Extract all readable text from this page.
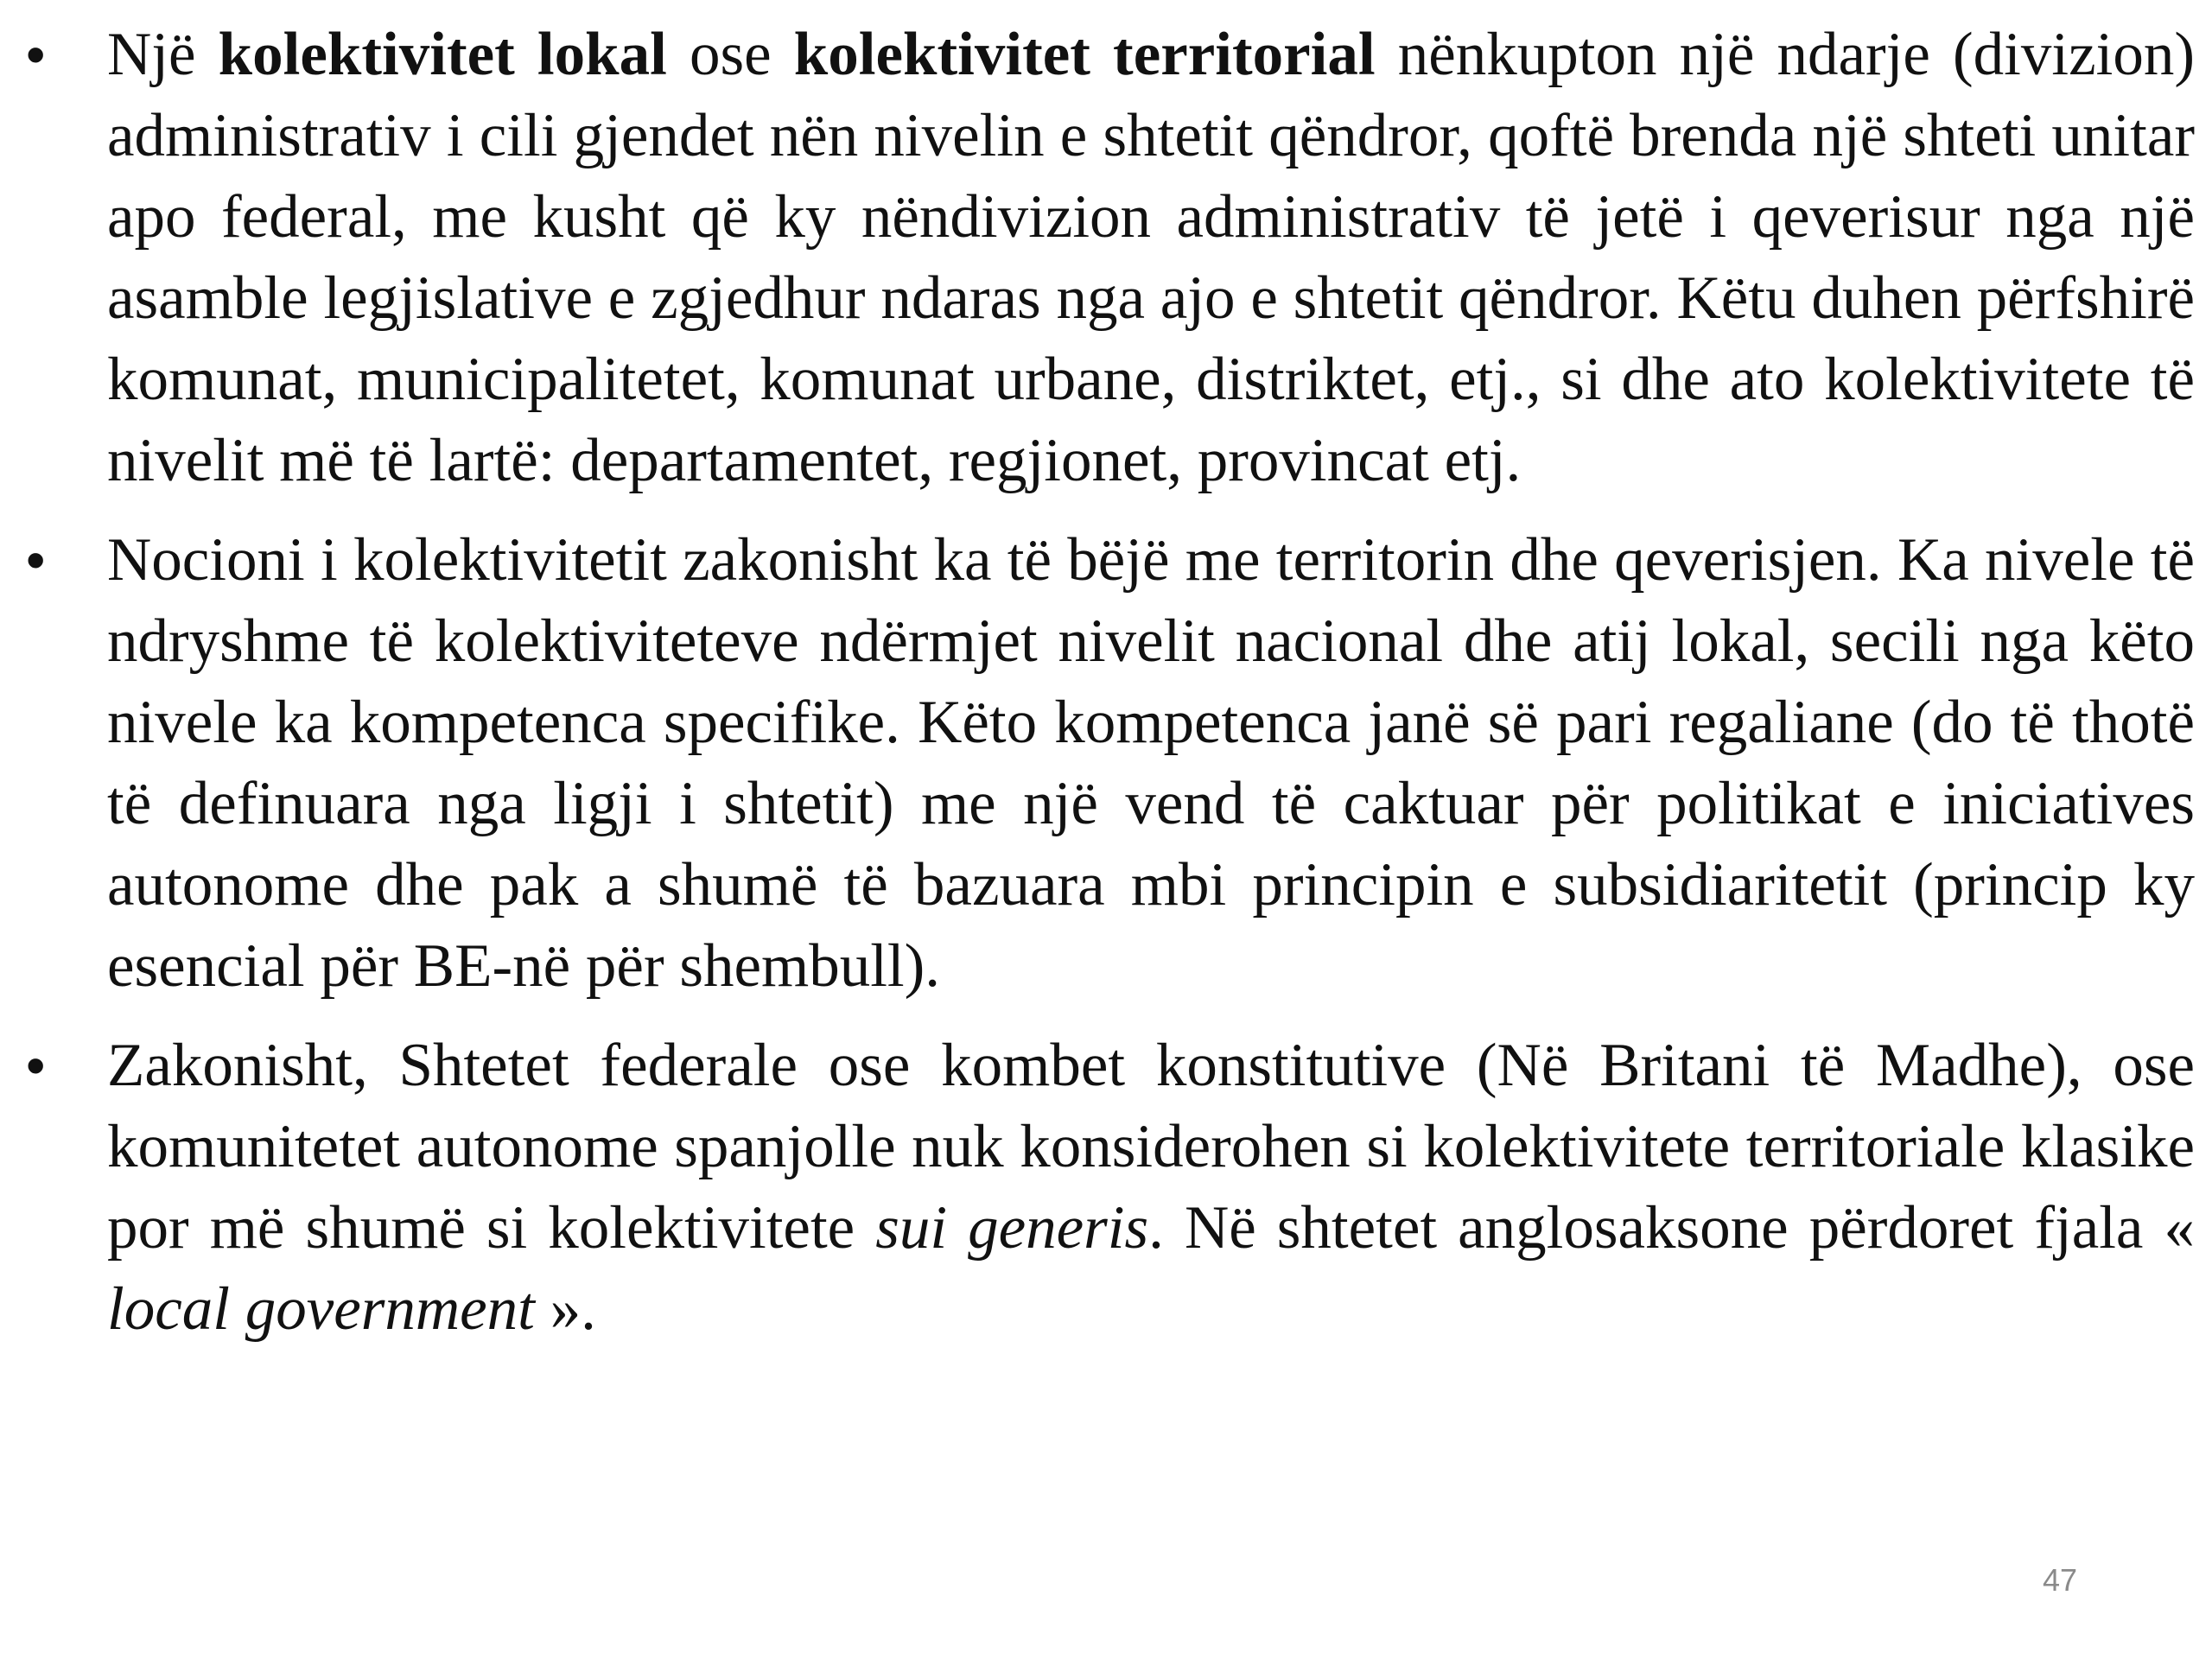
•	Një kolektivitet lokal ose kolektivitet territorial nënkupton një ndarje (divizion) administrativ i cili gjendet nën nivelin e shtetit qëndror, qoftë brenda një shteti unitar apo federal, me kusht që ky nëndivizion administrativ të jetë i qeverisur nga një asamble legjislative e zgjedhur ndaras nga ajo e shtetit qëndror. Këtu duhen përfshirë komunat, municipalitetet, komunat urbane, distriktet, etj., si dhe ato kolektivitete të nivelit më të lartë: departamentet, regjionet, provincat etj.
•	Nocioni i kolektivitetit zakonisht ka të bëjë me territorin dhe qeverisjen. Ka nivele të ndryshme të kolektiviteteve ndërmjet nivelit nacional dhe atij lokal, secili nga këto nivele ka kompetenca specifike. Këto kompetenca janë së pari regaliane (do të thotë të definuara nga ligji i shtetit) me një vend të caktuar për politikat e iniciatives autonome dhe pak a shumë të bazuara mbi principin e subsidiaritetit (princip ky esencial për BE-në për shembull).
•	Zakonisht, Shtetet federale ose kombet konstitutive (Në Britani të Madhe), ose komunitetet autonome spanjolle nuk konsiderohen si kolektivitete territoriale klasike por më shumë si kolektivitete sui generis. Në shtetet anglosaksone përdoret fjala « local government ».
47
